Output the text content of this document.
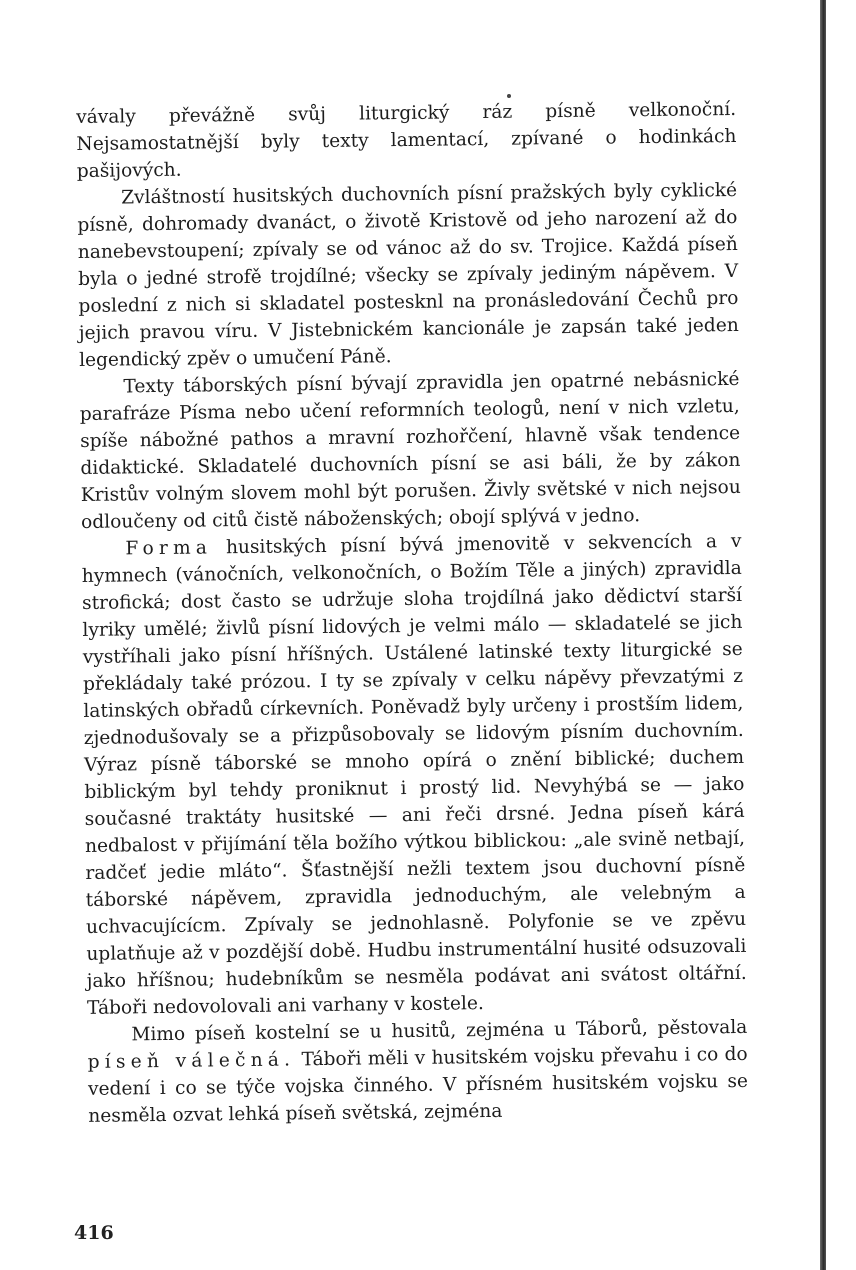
vávaly převážně svůj liturgický ráz písně velkonoční. Nejsamostatnější byly texty lamentací, zpívané o hodinkách pašijových.

Zvláštností husitských duchovních písní pražských byly cyklické písně, dohromady dvanáct, o životě Kristově od jeho narození až do nanebevstoupení; zpívaly se od vánoc až do sv. Trojice. Každá píseň byla o jedné strofě trojdílné; všecky se zpívaly jediným nápěvem. V poslední z nich si skladatel postesknl na pronásledování Čechů pro jejich pravou víru. V Jistebnickém kancionále je zapsán také jeden legendický zpěv o umučení Páně.

Texty táborských písní bývají zpravidla jen opatrné nebásnické parafráze Písma nebo učení reformních teologů, není v nich vzletu, spíše nábožné pathos a mravní rozhořčení, hlavně však tendence didaktické. Skladatelé duchovních písní se asi báli, že by zákon Kristův volným slovem mohl být porušen. Živly světské v nich nejsou odloučeny od citů čistě náboženských; obojí splývá v jedno.

Forma husitských písní bývá jmenovitě v sekvencích a v hymnech (vánočních, velkonočních, o Božím Těle a jiných) zpravidla strofická; dost často se udržuje sloha trojdílná jako dědictví starší lyriky umělé; živlů písní lidových je velmi málo — skladatelé se jich vystříhali jako písní hříšných. Ustálené latinské texty liturgické se překládaly také prózou. I ty se zpívaly v celku nápěvy převzatými z latinských obřadů církevních. Poněvadž byly určeny i prostším lidem, zjednodušovaly se a přizpůsobovaly se lidovým písním duchovním. Výraz písně táborské se mnoho opírá o znění biblické; duchem biblickým byl tehdy proniknut i prostý lid. Nevyhýbá se — jako současné traktáty husitské — ani řeči drsné. Jedna píseň kárá nedbalost v přijímání těla božího výtkou biblickou: „ale svině netbají, radčeť jedie mláto“. Šťastnější nežli textem jsou duchovní písně táborské nápěvem, zpravidla jednoduchým, ale velebným a uchvacujícícm. Zpívaly se jednohlasně. Polyfonie se ve zpěvu uplatňuje až v pozdější době. Hudbu instrumentální husité odsuzovali jako hříšnou; hudebníkům se nesměla podávat ani svátost oltářní. Táboři nedovolovali ani varhany v kostele.

Mimo píseň kostelní se u husitů, zejména u Táborů, pěstovala píseň válečná. Táboři měli v husitském vojsku převahu i co do vedení i co se týče vojska činného. V přísném husitském vojsku se nesměla ozvat lehká píseň světská, zejména

416
